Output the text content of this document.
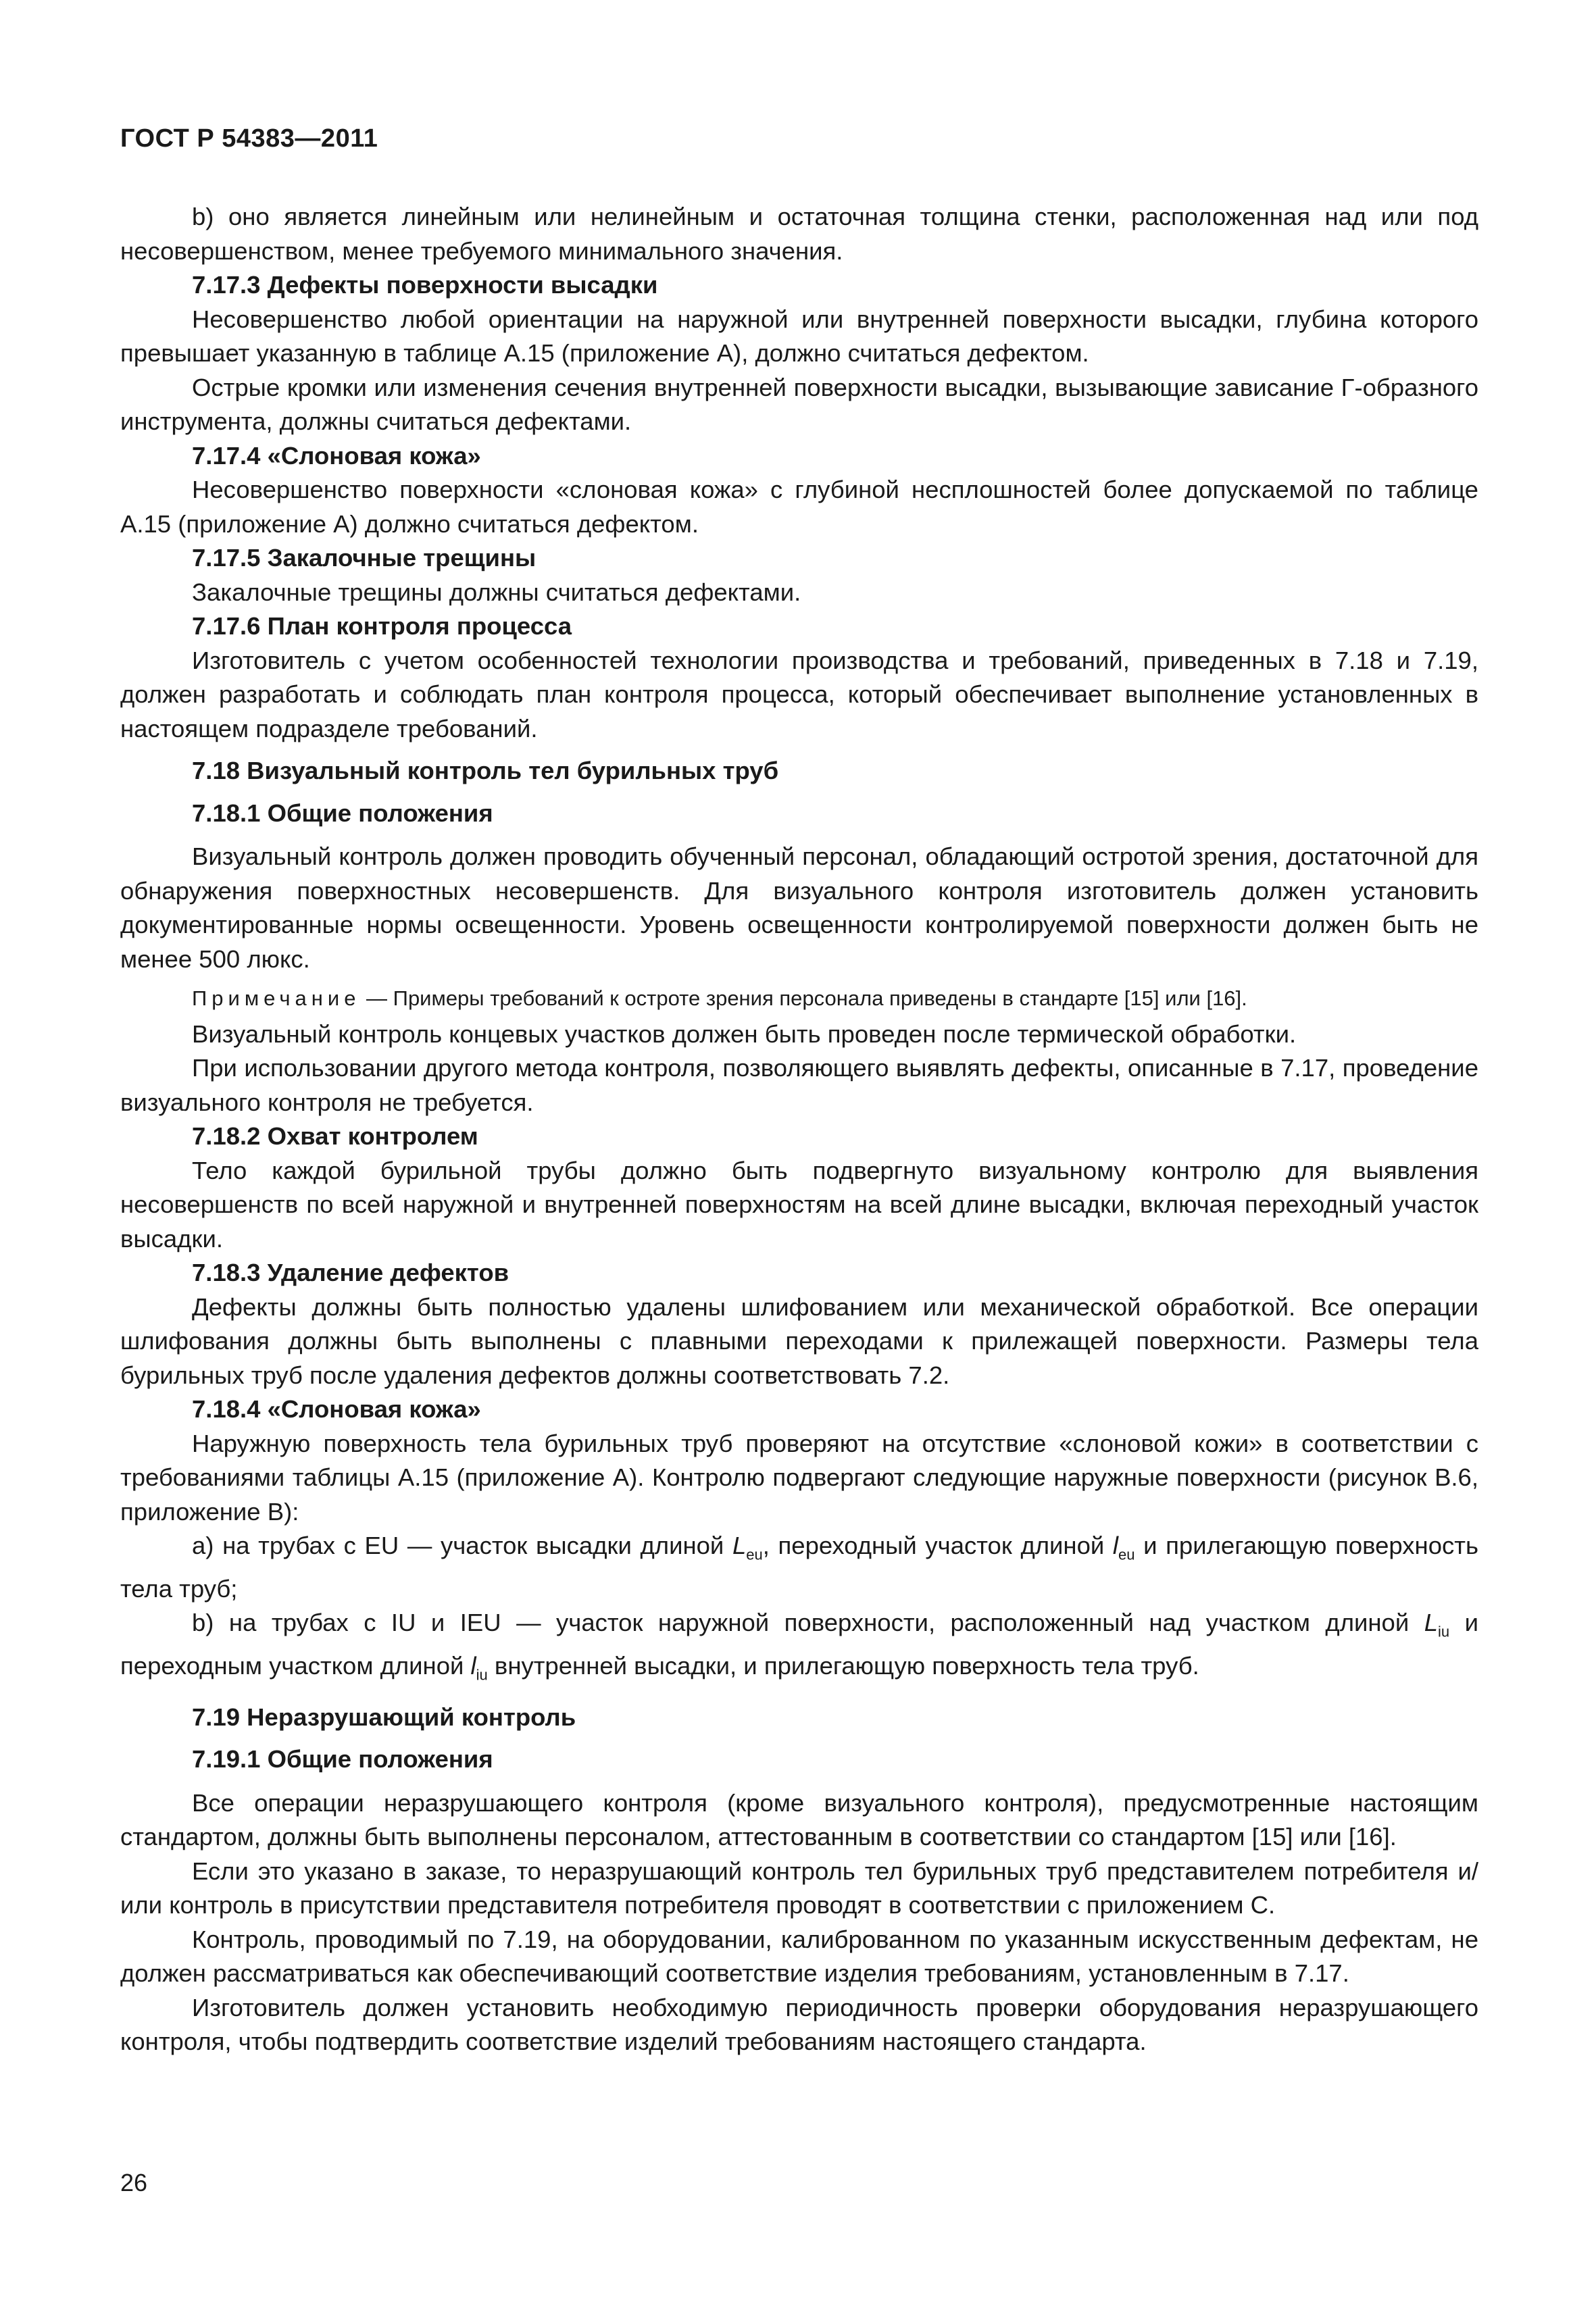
ГОСТ Р 54383—2011

b) оно является линейным или нелинейным и остаточная толщина стенки, расположенная над или под несовершенством, менее требуемого минимального значения.

7.17.3 Дефекты поверхности высадки

Несовершенство любой ориентации на наружной или внутренней поверхности высадки, глубина которого превышает указанную в таблице А.15 (приложение А), должно считаться дефектом.

Острые кромки или изменения сечения внутренней поверхности высадки, вызывающие зависание Г-образного инструмента, должны считаться дефектами.

7.17.4 «Слоновая кожа»

Несовершенство поверхности «слоновая кожа» с глубиной несплошностей более допускаемой по таблице А.15 (приложение А) должно считаться дефектом.

7.17.5 Закалочные трещины

Закалочные трещины должны считаться дефектами.

7.17.6 План контроля процесса

Изготовитель с учетом особенностей технологии производства и требований, приведенных в 7.18 и 7.19, должен разработать и соблюдать план контроля процесса, который обеспечивает выполнение установленных в настоящем подразделе требований.

7.18 Визуальный контроль тел бурильных труб
7.18.1 Общие положения

Визуальный контроль должен проводить обученный персонал, обладающий остротой зрения, достаточной для обнаружения поверхностных несовершенств. Для визуального контроля изготовитель должен установить документированные нормы освещенности. Уровень освещенности контролируемой поверхности должен быть не менее 500 люкс.

Примечание — Примеры требований к остроте зрения персонала приведены в стандарте [15] или [16].

Визуальный контроль концевых участков должен быть проведен после термической обработки.

При использовании другого метода контроля, позволяющего выявлять дефекты, описанные в 7.17, проведение визуального контроля не требуется.

7.18.2 Охват контролем

Тело каждой бурильной трубы должно быть подвергнуто визуальному контролю для выявления несовершенств по всей наружной и внутренней поверхностям на всей длине высадки, включая переходный участок высадки.

7.18.3 Удаление дефектов

Дефекты должны быть полностью удалены шлифованием или механической обработкой. Все операции шлифования должны быть выполнены с плавными переходами к прилежащей поверхности. Размеры тела бурильных труб после удаления дефектов должны соответствовать 7.2.

7.18.4 «Слоновая кожа»

Наружную поверхность тела бурильных труб проверяют на отсутствие «слоновой кожи» в соответствии с требованиями таблицы А.15 (приложение А). Контролю подвергают следующие наружные поверхности (рисунок В.6, приложение В):

a) на трубах с EU — участок высадки длиной $L_{eu}$, переходный участок длиной $l_{eu}$ и прилегающую поверхность тела труб;

b) на трубах с IU и IEU — участок наружной поверхности, расположенный над участком длиной $L_{iu}$ и переходным участком длиной $l_{iu}$ внутренней высадки, и прилегающую поверхность тела труб.

7.19 Неразрушающий контроль
7.19.1 Общие положения

Все операции неразрушающего контроля (кроме визуального контроля), предусмотренные настоящим стандартом, должны быть выполнены персоналом, аттестованным в соответствии со стандартом [15] или [16].

Если это указано в заказе, то неразрушающий контроль тел бурильных труб представителем потребителя и/или контроль в присутствии представителя потребителя проводят в соответствии с приложением С.

Контроль, проводимый по 7.19, на оборудовании, калиброванном по указанным искусственным дефектам, не должен рассматриваться как обеспечивающий соответствие изделия требованиям, установленным в 7.17.

Изготовитель должен установить необходимую периодичность проверки оборудования неразрушающего контроля, чтобы подтвердить соответствие изделий требованиям настоящего стандарта.

26
